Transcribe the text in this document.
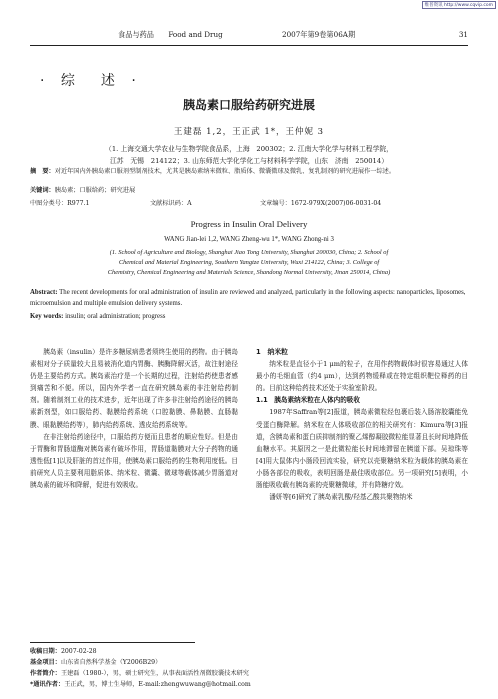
维普资讯 http://www.cqvip.com
食品与药品　　Food and Drug	2007年第9卷第06A期	31
· 综　述 ·
胰岛素口服给药研究进展
王建磊 1,2，王正武 1*，王仲妮 3
（1. 上海交通大学农业与生物学院食品系，上海　200302；2. 江南大学化学与材料工程学院，
江苏　无锡　214122；3. 山东师范大学化学化工与材料科学学院，山东　济南　250014）
摘　要：对近年国内外胰岛素口服剂型制剂技术，尤其是胰岛素纳米微粒、脂质体、微囊微球及微乳、复乳制剂的研究进展作一综述。
关键词：胰岛素；口服给药；研究进展
中图分类号：R977.1	文献标识码：A	文章编号：1672-979X(2007)06-0031-04
Progress in Insulin Oral Delivery
WANG Jian-lei 1,2, WANG Zheng-wu 1*, WANG Zhong-ni 3
(1. School of Agriculture and Biology, Shanghai Jiao Tong University, Shanghai 200030, China; 2. School of
Chemical and Material Engineering, Southern Yangtze University, Wuxi 214122, China; 3. College of
Chemistry, Chemical Engineering and Materials Science, Shandong Normal University, Jinan 250014, China)
Abstract: The recent developments for oral administration of insulin are reviewed and analyzed, particularly in the following aspects: nanoparticles, liposomes, microemulsion and multiple emulsion delivery systems.
Key words: insulin; oral administration; progress

胰岛素（insulin）是许多糖尿病患者须终生使用的药物。由于胰岛素相对分子质量较大且易被消化道内胃酶、胰酶降解灭活，故注射途径仍是主要给药方式。胰岛素治疗是一个长期的过程，注射给药使患者感到痛苦和不便。所以，国内外学者一直在研究胰岛素的非注射给药制剂。随着制剂工业的技术进步，近年出现了许多非注射给药途径的胰岛素新剂型，如口服给药、黏膜给药系统（口腔黏膜、鼻黏膜、直肠黏膜、眼黏膜给药等），肺内给药系统、透皮给药系统等。

在非注射给药途径中，口服给药方便而且患者的顺应性好。但是由于胃酶和胃肠道酶对胰岛素有破坏作用，胃肠道黏膜对大分子药物的通透性低[1]以及肝脏的首过作用，使胰岛素口服给药的生物利用度低。目前研究人员主要利用脂质体、纳米粒、微囊、微球等载体减少胃肠道对胰岛素的破坏和降解，促进有效吸收。

1　纳米粒

纳米粒是直径小于1 μm的粒子，在用作药物载体时很容易通过人体最小的毛细血管（约4 μm），达到药物缓释或在特定组织靶位释药的目的。目前这种给药技术还处于实验室阶段。

1.1　胰岛素纳米粒在人体内的吸收

1987年Saffran等[2]报道，胰岛素微粒经包裹后装入肠溶胶囊能免受蛋白酶降解。纳米粒在人体吸收部位的相关研究有：Kimura等[3]报道，含胰岛素和蛋白质抑制剂的聚乙烯醇凝胶微粒能显著且长时间地降低血糖水平。其原因之一是此微粒能长时间地滞留在胰道下部。吴琼珠等[4]用大鼠体内小肠段回流实验，研究以壳聚糖纳米粒为载体的胰岛素在小肠各部位的吸收，表明回肠是最佳吸收部位。另一项研究[5]表明，小肠能吸收载有胰岛素的壳聚糖微球，并有降糖疗效。

潘妍等[6]研究了胰岛素乳酸/羟基乙酸共聚物纳米

收稿日期：2007-02-28
基金项目：山东省自然科学基金（Y2006B29）
作者简介：王建磊（1980-），男，硕士研究生，从事表面活性剂微胶囊技术研究
*通讯作者：王正武，男，博士生导师，E-mail:zhengwuwang@hotmail.com
